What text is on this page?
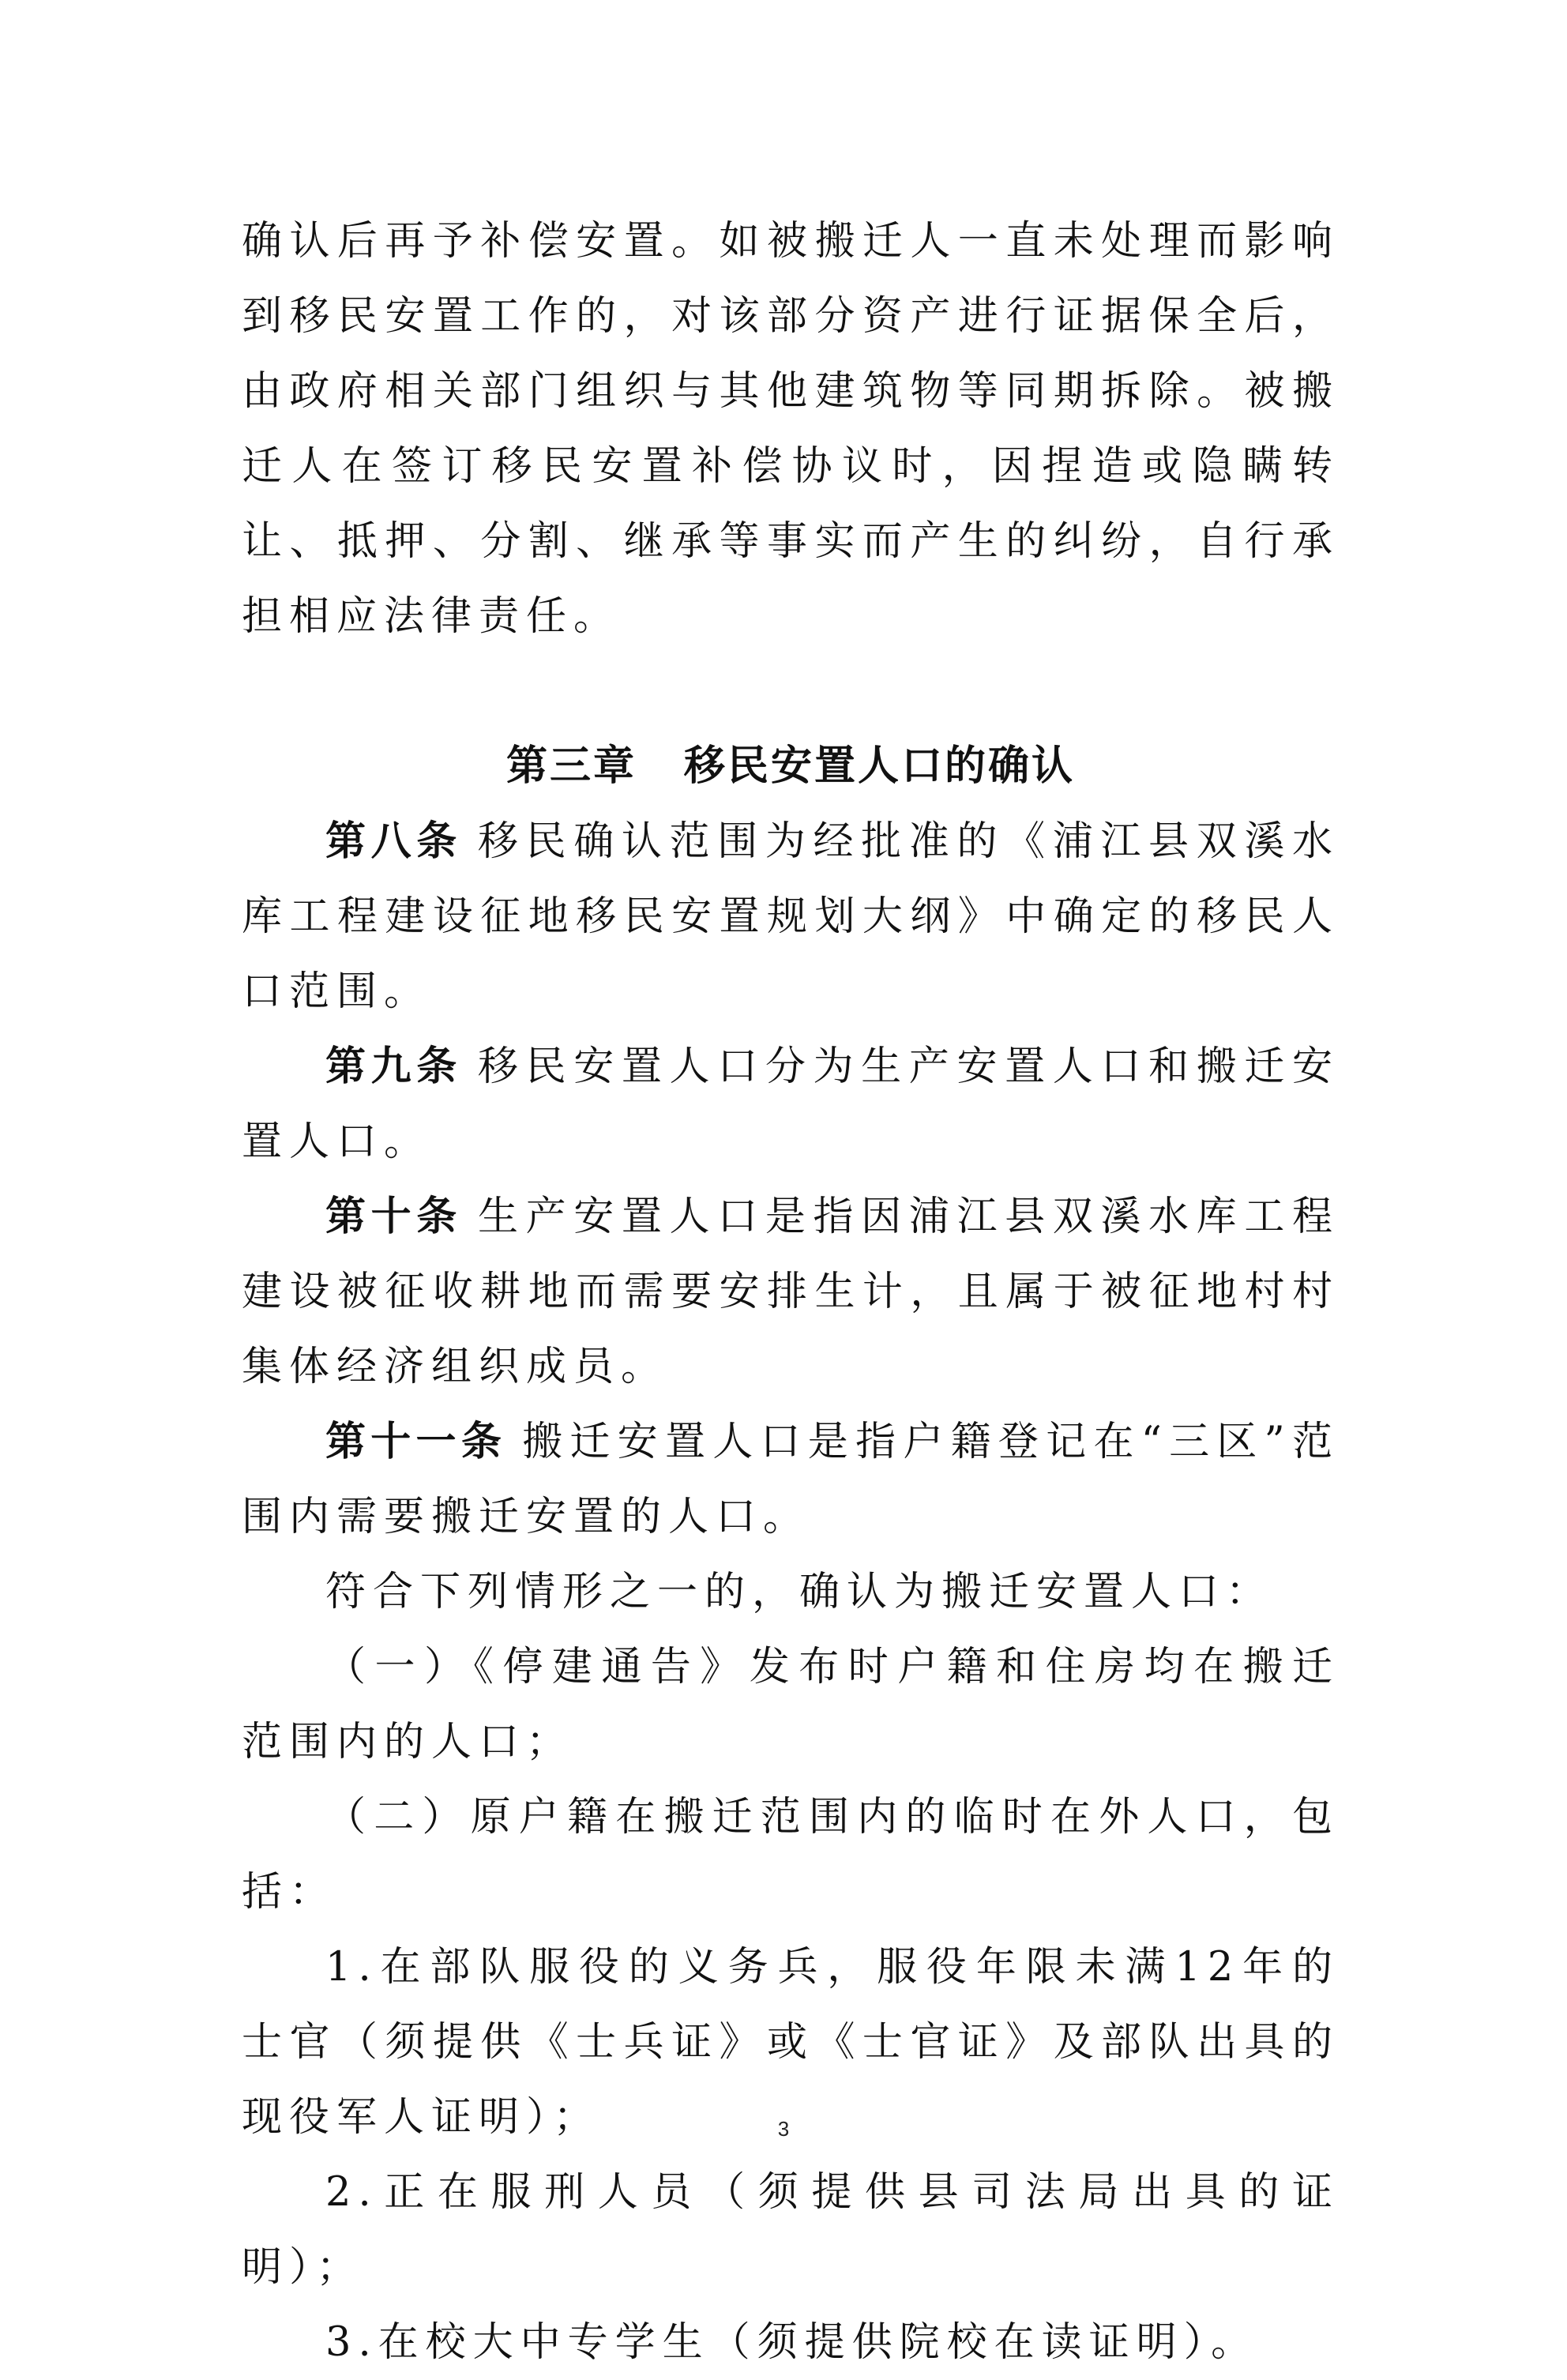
确认后再予补偿安置。如被搬迁人一直未处理而影响到移民安置工作的，对该部分资产进行证据保全后，由政府相关部门组织与其他建筑物等同期拆除。被搬迁人在签订移民安置补偿协议时，因捏造或隐瞒转让、抵押、分割、继承等事实而产生的纠纷，自行承担相应法律责任。

第三章 移民安置人口的确认

第八条 移民确认范围为经批准的《浦江县双溪水库工程建设征地移民安置规划大纲》中确定的移民人口范围。

第九条 移民安置人口分为生产安置人口和搬迁安置人口。

第十条 生产安置人口是指因浦江县双溪水库工程建设被征收耕地而需要安排生计，且属于被征地村村集体经济组织成员。

第十一条 搬迁安置人口是指户籍登记在“三区”范围内需要搬迁安置的人口。

符合下列情形之一的，确认为搬迁安置人口：

（一）《停建通告》发布时户籍和住房均在搬迁范围内的人口；

（二）原户籍在搬迁范围内的临时在外人口，包括：

1.在部队服役的义务兵，服役年限未满12年的士官（须提供《士兵证》或《士官证》及部队出具的现役军人证明）；

2.正在服刑人员（须提供县司法局出具的证明）；

3.在校大中专学生（须提供院校在读证明）。

3
